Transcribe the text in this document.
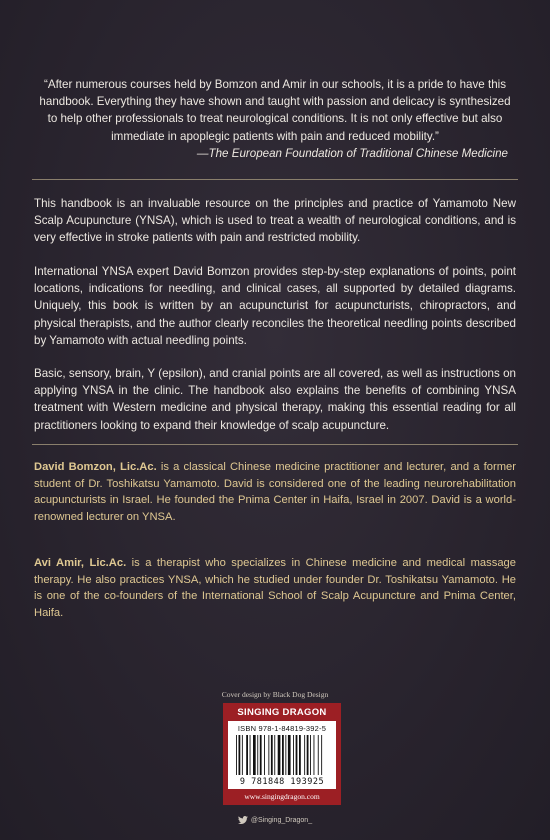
“After numerous courses held by Bomzon and Amir in our schools, it is a pride to have this handbook. Everything they have shown and taught with passion and delicacy is synthesized to help other professionals to treat neurological conditions. It is not only effective but also immediate in apoplegic patients with pain and reduced mobility.”
—The European Foundation of Traditional Chinese Medicine
This handbook is an invaluable resource on the principles and practice of Yamamoto New Scalp Acupuncture (YNSA), which is used to treat a wealth of neurological conditions, and is very effective in stroke patients with pain and restricted mobility.
International YNSA expert David Bomzon provides step-by-step explanations of points, point locations, indications for needling, and clinical cases, all supported by detailed diagrams. Uniquely, this book is written by an acupuncturist for acupuncturists, chiropractors, and physical therapists, and the author clearly reconciles the theoretical needling points described by Yamamoto with actual needling points.
Basic, sensory, brain, Y (epsilon), and cranial points are all covered, as well as instructions on applying YNSA in the clinic. The handbook also explains the benefits of combining YNSA treatment with Western medicine and physical therapy, making this essential reading for all practitioners looking to expand their knowledge of scalp acupuncture.
David Bomzon, Lic.Ac. is a classical Chinese medicine practitioner and lecturer, and a former student of Dr. Toshikatsu Yamamoto. David is considered one of the leading neurorehabilitation acupuncturists in Israel. He founded the Pnima Center in Haifa, Israel in 2007. David is a world-renowned lecturer on YNSA.
Avi Amir, Lic.Ac. is a therapist who specializes in Chinese medicine and medical massage therapy. He also practices YNSA, which he studied under founder Dr. Toshikatsu Yamamoto. He is one of the co-founders of the International School of Scalp Acupuncture and Pnima Center, Haifa.
Cover design by Black Dog Design
SINGING DRAGON
ISBN 978-1-84819-392-5
9 781848 193925
www.singingdragon.com
@Singing_Dragon_
